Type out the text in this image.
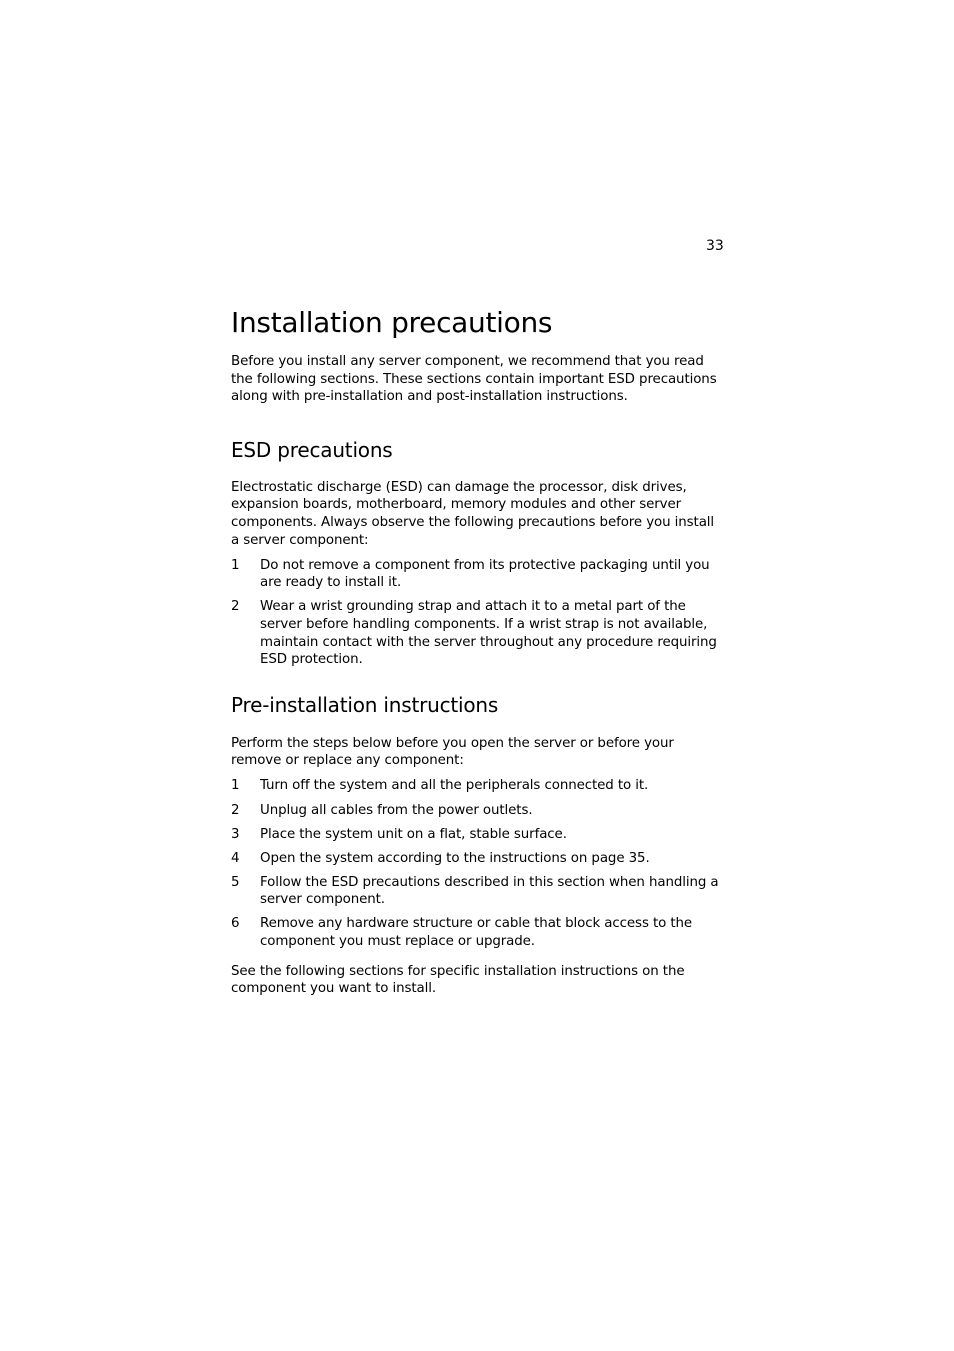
33
Installation precautions

Before you install any server component, we recommend that you read the following sections. These sections contain important ESD precautions along with pre-installation and post-installation instructions.

ESD precautions

Electrostatic discharge (ESD) can damage the processor, disk drives, expansion boards, motherboard, memory modules and other server components. Always observe the following precautions before you install a server component:

1 Do not remove a component from its protective packaging until you are ready to install it.
2 Wear a wrist grounding strap and attach it to a metal part of the server before handling components. If a wrist strap is not available, maintain contact with the server throughout any procedure requiring ESD protection.
Pre-installation instructions

Perform the steps below before you open the server or before your remove or replace any component:

1 Turn off the system and all the peripherals connected to it.
2 Unplug all cables from the power outlets.
3 Place the system unit on a flat, stable surface.
4 Open the system according to the instructions on page 35.
5 Follow the ESD precautions described in this section when handling a server component.
6 Remove any hardware structure or cable that block access to the component you must replace or upgrade.

See the following sections for specific installation instructions on the component you want to install.
